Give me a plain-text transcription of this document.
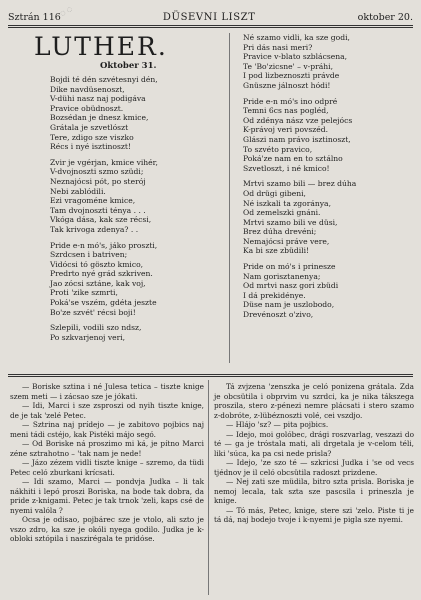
◌ ◌
Sztrán 116	DÜSEVNI LISZT	oktober 20.
LUTHER.
Oktober 31.
Bojdi té dén szvétesnyi dén,
Dike navdüsenoszt,
V-dühi nasz naj podigáva
Pravice obüdnoszt.
Bozsédan je dnesz kmice,
Grátala je szvetlószt
Tere, zdigo sze viszko
Récs i nyé isztinoszt!
Zvir je vgérjan, kmice vihér,
V-dvojnoszti szmo szüdi;
Neznajócsi pót, po sterój
Nebi zablódili.
Ezi vragoméne kmice,
Tam dvojnoszti ténya . . .
Vkógа dása, kak sze récsi,
Tak krivoga zdenya? . .
Pride e-n mó's, jáko proszti,
Szrdcsen i batriven;
Vidócsi tó göszto kmico,
Predrto nyé grád szkriven.
Jao zócsi sztáne, kak voj,
Proti 'zike szmrti,
Poká'se vszém, gdéta jeszte
Bo'ze szvét' récsi boji!
Szlepili, vodili szo ndsz,
Po szkvarjenoj veri,
Né szamo vidli, ka sze godi,
Pri dás nasi meri?
Pravice v-blato szblácsena,
Te 'Bo'zicsne' – v-práhi,
I pod lizbeznoszti právde
Gnüszne jálnoszt hódi!
Pride e-n mó's ino odpré
Temni 6cs nas pogléd,
Od zdénya nász vze pelejócs
K-právoj veri povszéd.
Glászi nam právo isztinoszt,
To szvéto pravico,
Poká'ze nam en to sztálno
Szvetloszt, i né kmico!
Mrtvi szamo bili — brez dúha
Od drügi gibeni,
Né iszkali ta zgoránya,
Od zemelszki gnáni.
Mrtvi szamo bili ve düsi,
Brez dúha drevéni;
Nemajócsi práve vere,
Ka bi sze zbüdili!
Pride on mó's i prinesze
Nam gorisztanenya;
Od mrtvi nasz gori zbüdi
I dá prekidénye.
Düse nam je uszlobodo,
Drevénoszt o'zivo,

— Boriske sztina i né Julesa tetica – tiszte knige szem meti — i zácsao sze je jókati.

— Idi, Marci i sze zsproszi od nyih tiszte knige, de je tak 'zelé Petec.

— Sztrina naj prídejo — je zabitovo pojbics naj meni tádi cstéjo, kak Pistéki májo segó.

— Od Boriske ná proszimo mi ká, je pítno Marci zéne sztrahotno – 'tak nam je nede!

— Jázo zézem vidli tiszte knige – szremo, da tüdi Petec celó zburkani krícsati.

— Idi szamo, Marci — pondvja Judka – li tak nákhiti i lepó proszi Boriska, na bode tak dobra, da pride z-knigami. Petec je tak trnok 'zeli, kaps csé de nyemi valóla ?

Ocsa je odisao, pojbárec sze je vtolo, ali szto je vszo zdro, ka sze je okóli nyega godilo. Judka je k-obloki sztópila i naszirégala te pridóse.

Tá zvjzena 'zenszka je celó ponizena grátala. Zda je obcsütila i obprvim vu szrdci, ka je nika tákszega proszila, stero z-pénezi nemre plácsati i stero szamo z-dobróte, z-lübéznoszti volé, cei vszdjo.

— Hlájo 'sz? — pita pojbics.

— Idejo, moi golóbec, drági roszvarlag, veszazi do té — ga je tróstala mati, ali drgetala je v-celom téli, liki 'súca, ka pa csi nede prisla?

— Idejo, 'ze szo té — szkricsi Judka i 'se od vecs tjédnov je il celó obcsütila radoszt prizdene.

— Nej zati sze müdila, bitro szta prisla. Boriska je nemoj lecala, tak szta sze pascsila i prineszla je knige.

— Tó más, Petec, knige, stere szi 'zelo. Piste ti je tá dá, naj bodejo tvoje i k-nyemi je pigla sze nyemi.
